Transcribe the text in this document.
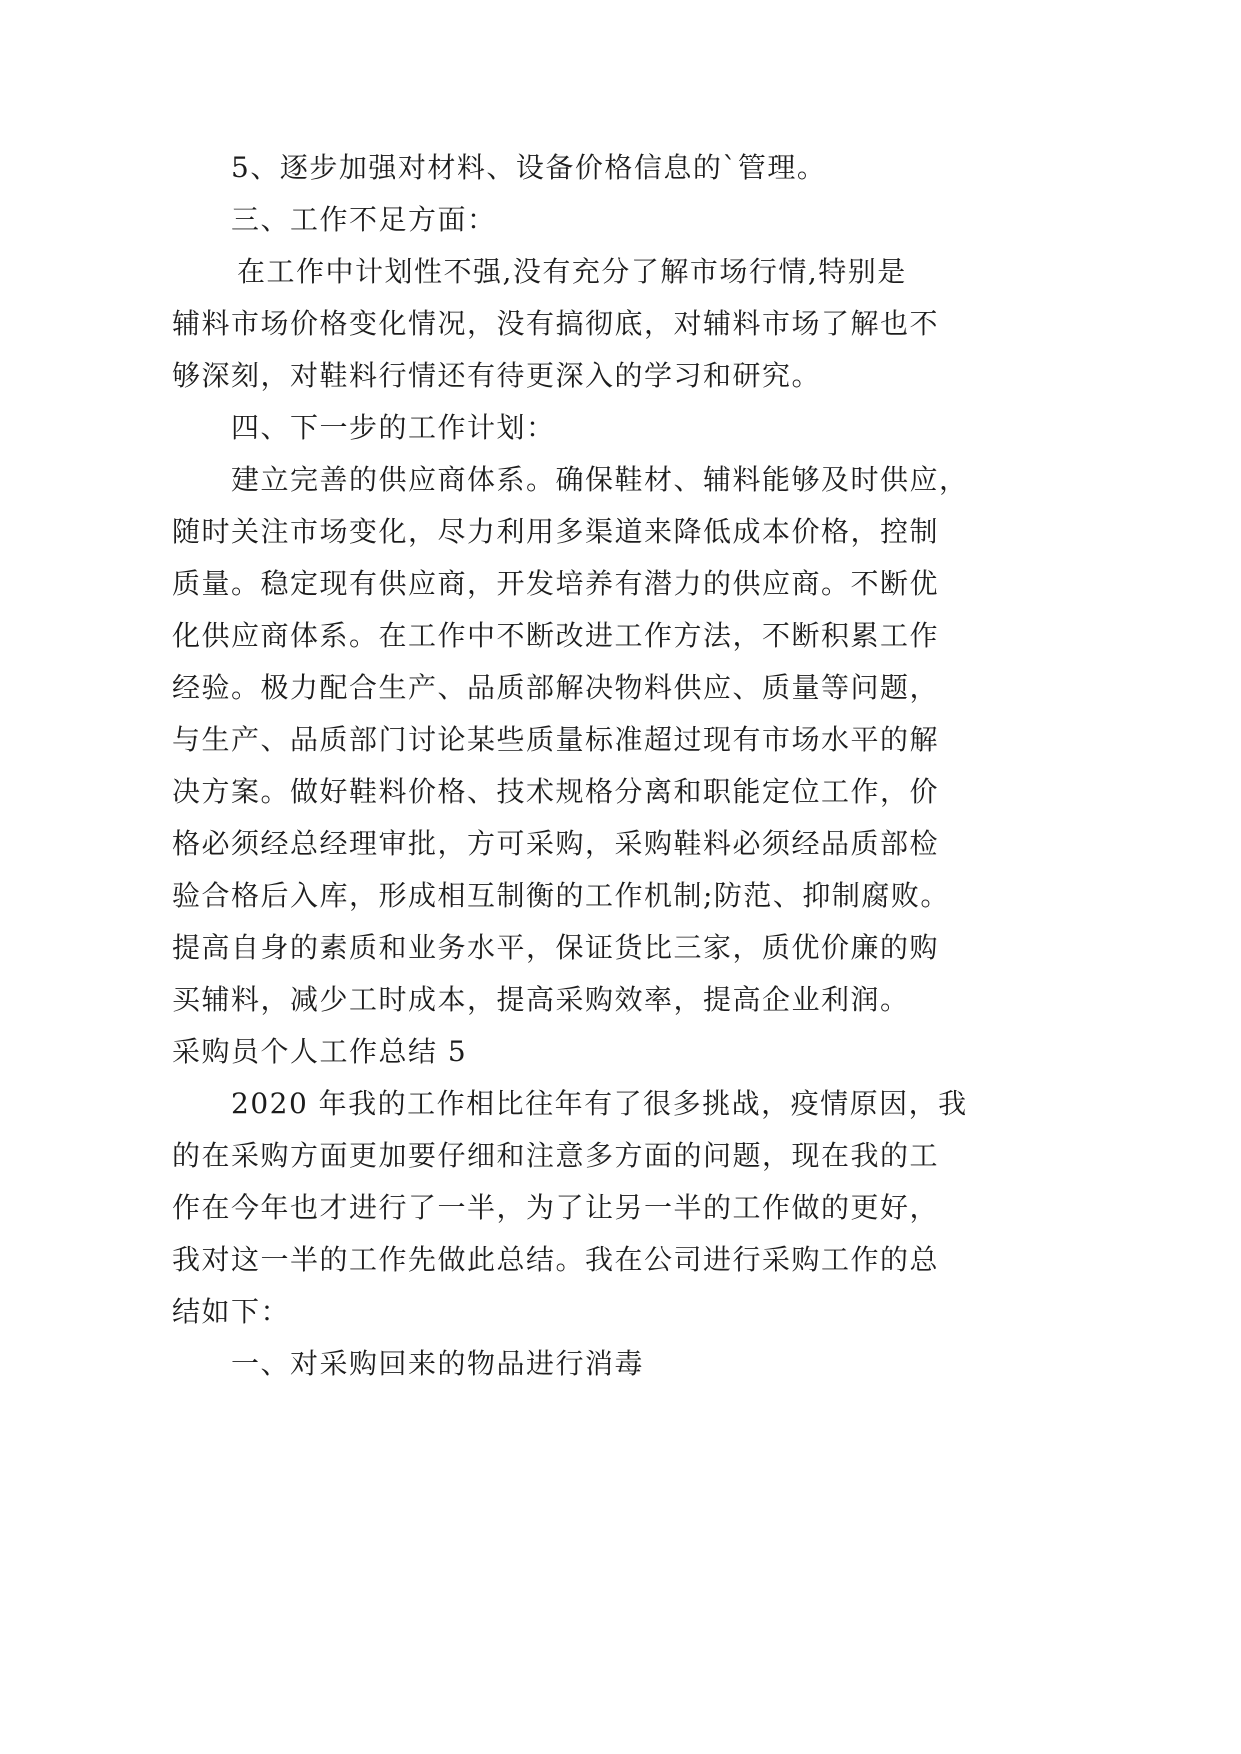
5、逐步加强对材料、设备价格信息的`管理。
三、工作不足方面：
在工作中计划性不强,没有充分了解市场行情,特别是
辅料市场价格变化情况，没有搞彻底，对辅料市场了解也不
够深刻，对鞋料行情还有待更深入的学习和研究。
四、下一步的工作计划：
建立完善的供应商体系。确保鞋材、辅料能够及时供应，
随时关注市场变化，尽力利用多渠道来降低成本价格，控制
质量。稳定现有供应商，开发培养有潜力的供应商。不断优
化供应商体系。在工作中不断改进工作方法，不断积累工作
经验。极力配合生产、品质部解决物料供应、质量等问题，
与生产、品质部门讨论某些质量标准超过现有市场水平的解
决方案。做好鞋料价格、技术规格分离和职能定位工作，价
格必须经总经理审批，方可采购，采购鞋料必须经品质部检
验合格后入库，形成相互制衡的工作机制;防范、抑制腐败。
提高自身的素质和业务水平，保证货比三家，质优价廉的购
买辅料，减少工时成本，提高采购效率，提高企业利润。
采购员个人工作总结 5
2020 年我的工作相比往年有了很多挑战，疫情原因，我
的在采购方面更加要仔细和注意多方面的问题，现在我的工
作在今年也才进行了一半，为了让另一半的工作做的更好，
我对这一半的工作先做此总结。我在公司进行采购工作的总
结如下：
一、对采购回来的物品进行消毒
